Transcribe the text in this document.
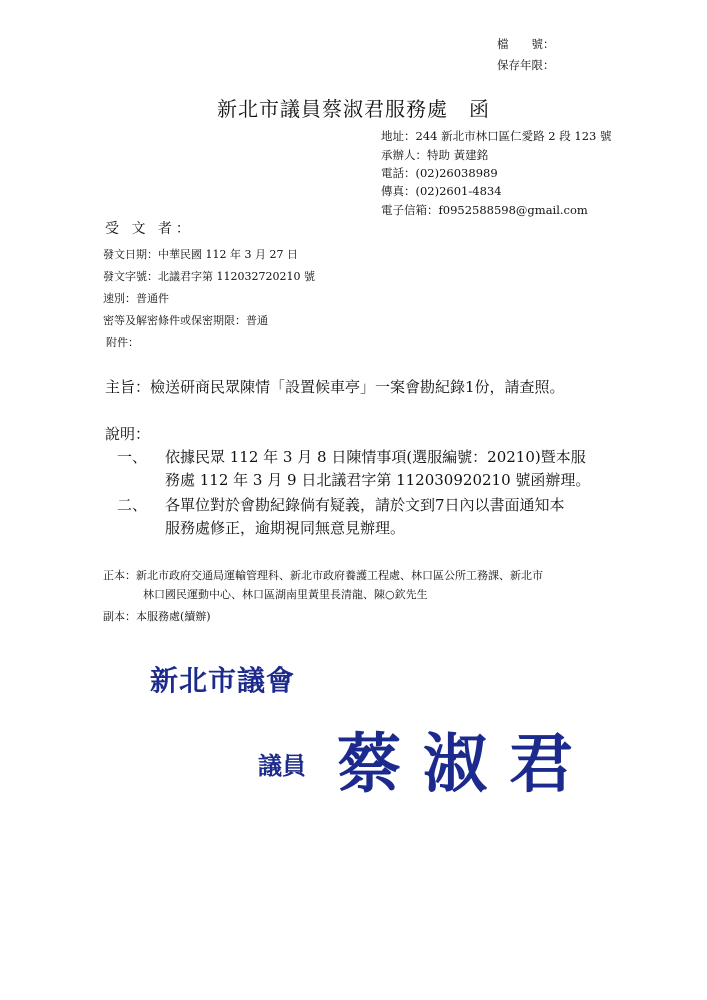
檔　　號：
保存年限：
新北市議員蔡淑君服務處　函
地址：244 新北市林口區仁愛路 2 段 123 號
承辦人：特助 黃建銘
電話：(02)26038989
傳真：(02)2601-4834
電子信箱：f0952588598@gmail.com
受 文 者：
發文日期：中華民國 112 年 3 月 27 日
發文字號：北議君字第 112032720210 號
速別：普通件
密等及解密條件或保密期限：普通
附件：
主旨：檢送研商民眾陳情「設置候車亭」一案會勘紀錄1份，請查照。
說明：
一、 依據民眾 112 年 3 月 8 日陳情事項(選服編號：20210)暨本服
務處 112 年 3 月 9 日北議君字第 112030920210 號函辦理。
二、 各單位對於會勘紀錄倘有疑義，請於文到7日內以書面通知本
服務處修正，逾期視同無意見辦理。
正本：新北市政府交通局運輸管理科、新北市政府養護工程處、林口區公所工務課、新北市
林口國民運動中心、林口區湖南里黃里長清龍、陳○欽先生
副本：本服務處(續辦)
新北市議會
議員 蔡淑君
